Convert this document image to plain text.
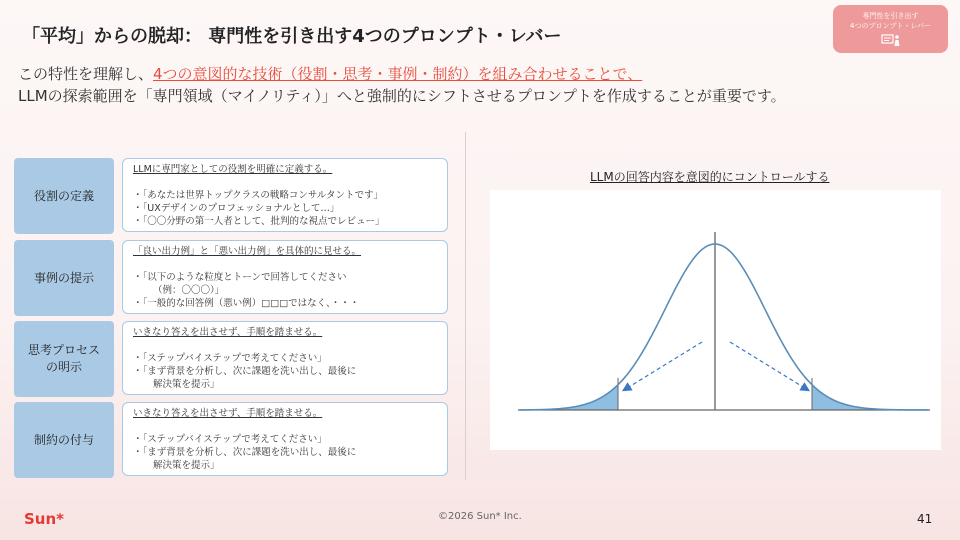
「平均」からの脱却： 専門性を引き出す4つのプロンプト・レバー
専門性を引き出す
4つのプロンプト・レバー
この特性を理解し、4つの意図的な技術（役割・思考・事例・制約）を組み合わせることで、
LLMの探索範囲を「専門領域（マイノリティ）」へと強制的にシフトさせるプロンプトを作成することが重要です。
役割の定義
LLMに専門家としての役割を明確に定義する。
・「あなたは世界トップクラスの戦略コンサルタントです」
・「UXデザインのプロフェッショナルとして…」
・「〇〇分野の第一人者として、批判的な視点でレビュー」
事例の提示
「良い出力例」と「悪い出力例」を具体的に見せる。
・「以下のような粒度とトーンで回答してください
（例：〇〇〇）」
・「一般的な回答例（悪い例）□□□ではなく、・・・
思考プロセスの明示
いきなり答えを出させず、手順を踏ませる。
・「ステップバイステップで考えてください」
・「まず背景を分析し、次に課題を洗い出し、最後に
解決策を提示」
制約の付与
いきなり答えを出させず、手順を踏ませる。
・「ステップバイステップで考えてください」
・「まず背景を分析し、次に課題を洗い出し、最後に
解決策を提示」
LLMの回答内容を意図的にコントロールする
Sun*	©2026 Sun* Inc.	41
